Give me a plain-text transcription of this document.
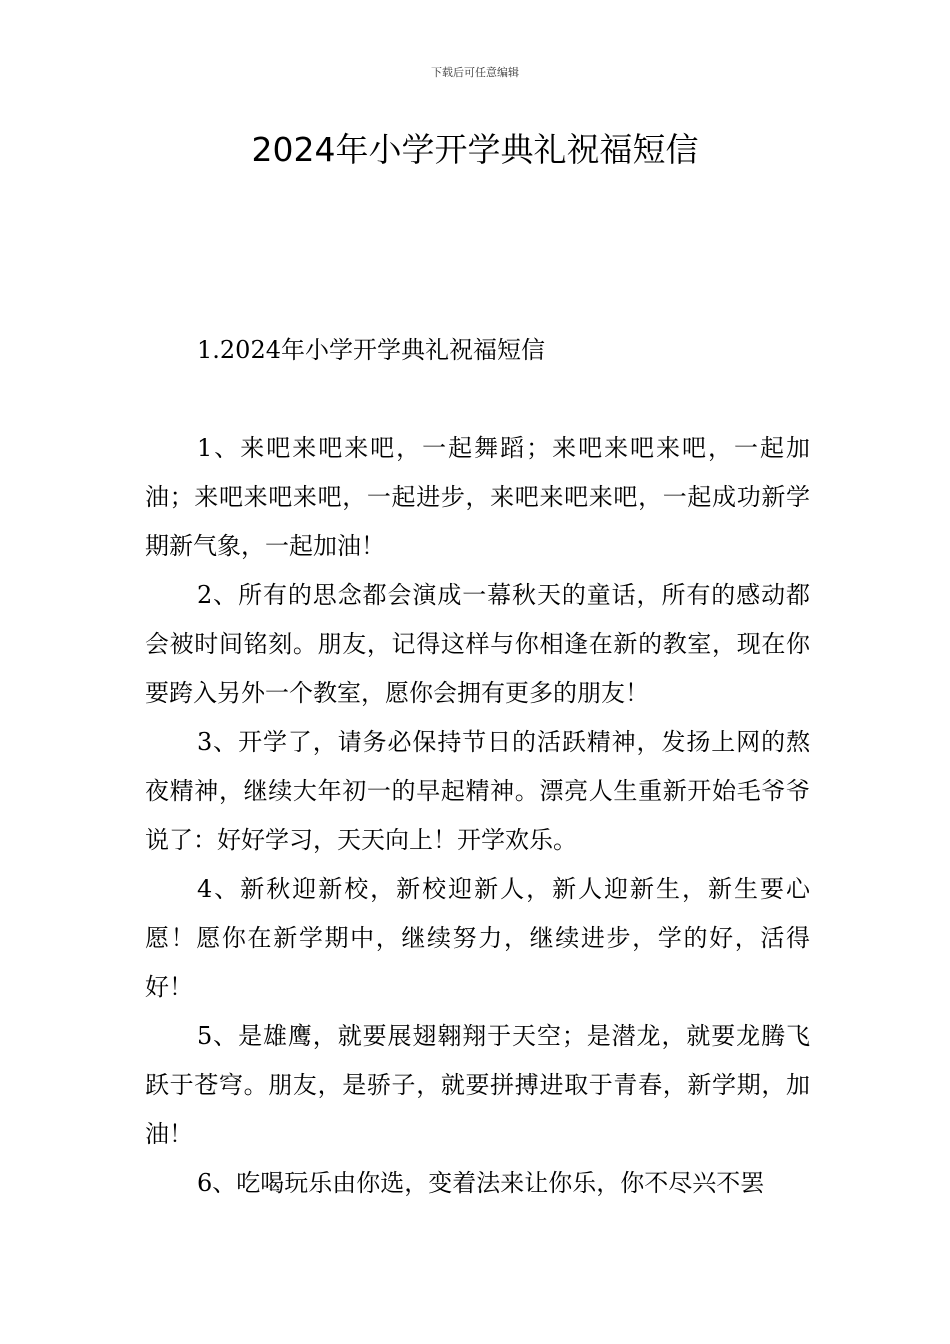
下载后可任意编辑
2024年小学开学典礼祝福短信
1.2024年小学开学典礼祝福短信
1、来吧来吧来吧，一起舞蹈；来吧来吧来吧，一起加油；来吧来吧来吧，一起进步，来吧来吧来吧，一起成功新学期新气象，一起加油！
2、所有的思念都会演成一幕秋天的童话，所有的感动都会被时间铭刻。朋友，记得这样与你相逢在新的教室，现在你要跨入另外一个教室，愿你会拥有更多的朋友！
3、开学了，请务必保持节日的活跃精神，发扬上网的熬夜精神，继续大年初一的早起精神。漂亮人生重新开始毛爷爷说了：好好学习，天天向上！开学欢乐。
4、新秋迎新校，新校迎新人，新人迎新生，新生要心愿！愿你在新学期中，继续努力，继续进步，学的好，活得好！
5、是雄鹰，就要展翅翱翔于天空；是潜龙，就要龙腾飞跃于苍穹。朋友，是骄子，就要拼搏进取于青春，新学期，加油！
6、吃喝玩乐由你选，变着法来让你乐，你不尽兴不罢
